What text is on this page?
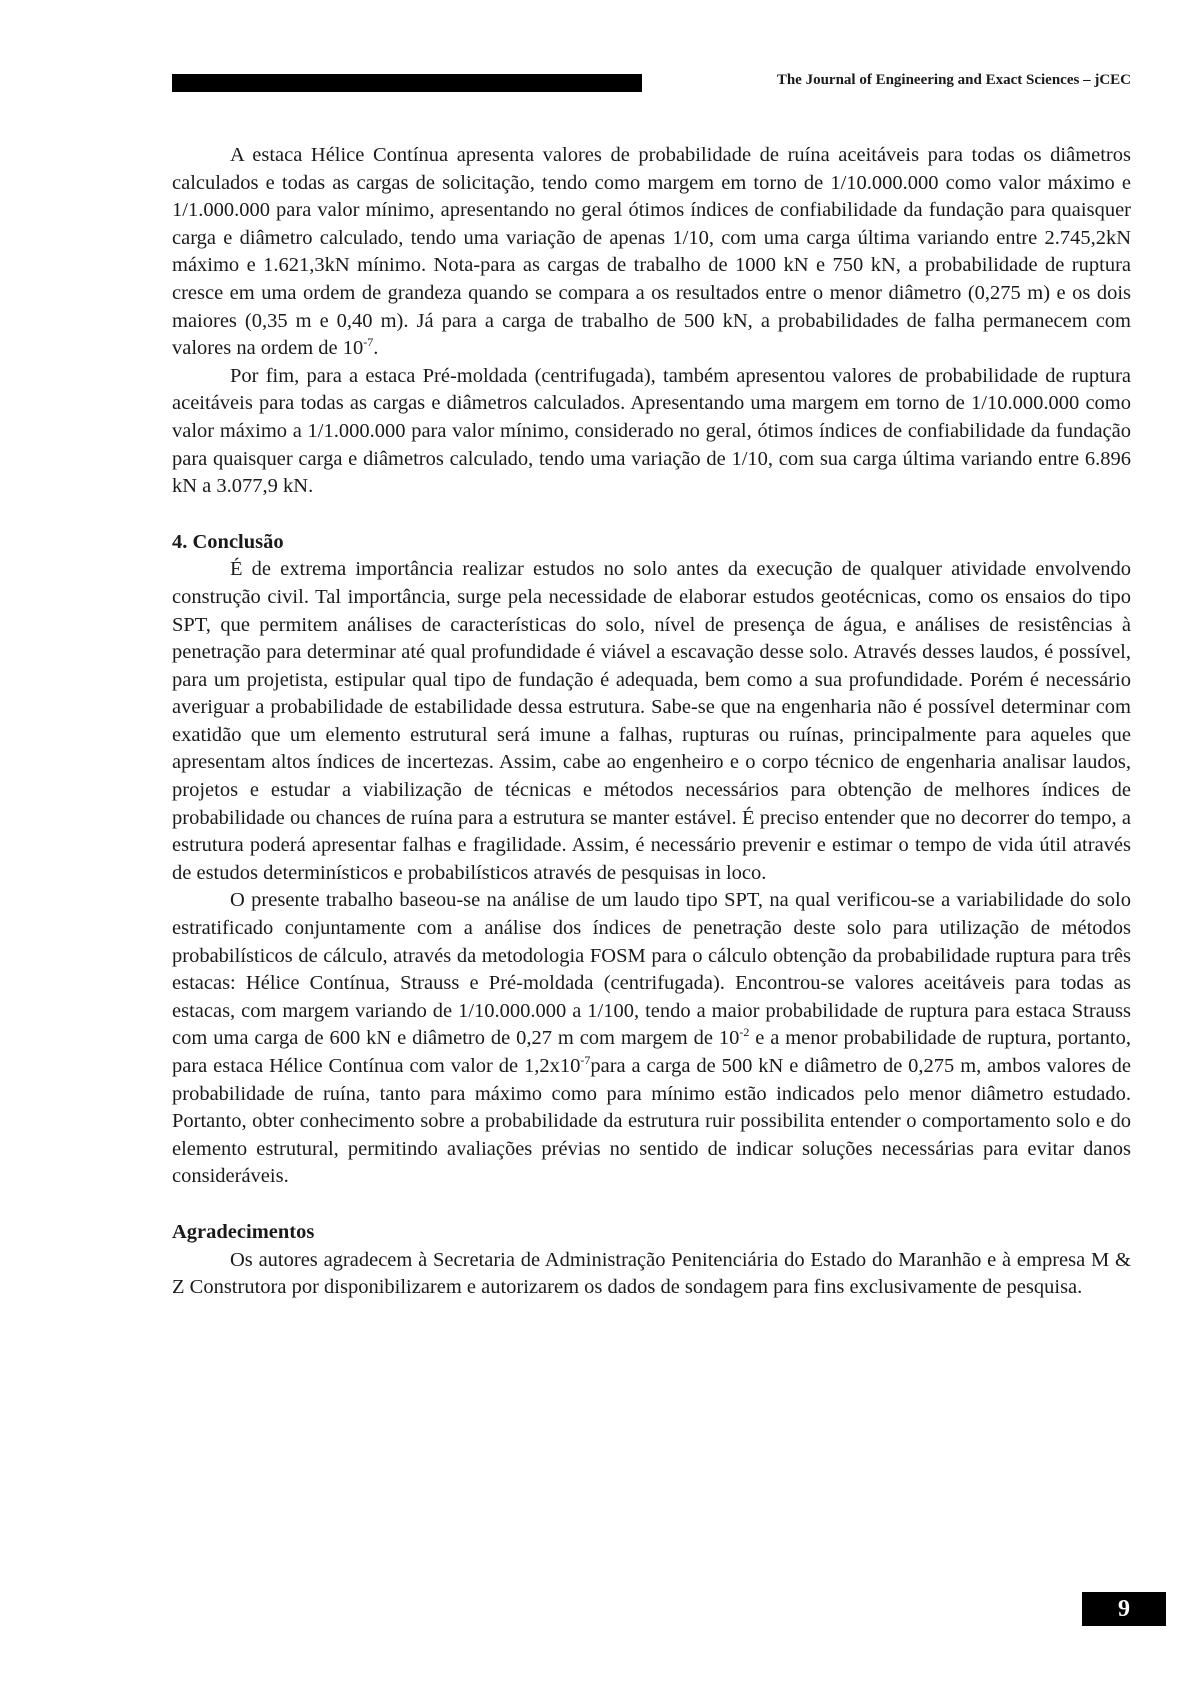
The Journal of Engineering and Exact Sciences – jCEC

A estaca Hélice Contínua apresenta valores de probabilidade de ruína aceitáveis para todas os diâmetros calculados e todas as cargas de solicitação, tendo como margem em torno de 1/10.000.000 como valor máximo e 1/1.000.000 para valor mínimo, apresentando no geral ótimos índices de confiabilidade da fundação para quaisquer carga e diâmetro calculado, tendo uma variação de apenas 1/10, com uma carga última variando entre 2.745,2kN máximo e 1.621,3kN mínimo. Nota-para as cargas de trabalho de 1000 kN e 750 kN, a probabilidade de ruptura cresce em uma ordem de grandeza quando se compara a os resultados entre o menor diâmetro (0,275 m) e os dois maiores (0,35 m e 0,40 m). Já para a carga de trabalho de 500 kN, a probabilidades de falha permanecem com valores na ordem de $10^{-7}$.

Por fim, para a estaca Pré-moldada (centrifugada), também apresentou valores de probabilidade de ruptura aceitáveis para todas as cargas e diâmetros calculados. Apresentando uma margem em torno de 1/10.000.000 como valor máximo a 1/1.000.000 para valor mínimo, considerado no geral, ótimos índices de confiabilidade da fundação para quaisquer carga e diâmetros calculado, tendo uma variação de 1/10, com sua carga última variando entre 6.896 kN a 3.077,9 kN.

4. Conclusão

É de extrema importância realizar estudos no solo antes da execução de qualquer atividade envolvendo construção civil. Tal importância, surge pela necessidade de elaborar estudos geotécnicas, como os ensaios do tipo SPT, que permitem análises de características do solo, nível de presença de água, e análises de resistências à penetração para determinar até qual profundidade é viável a escavação desse solo. Através desses laudos, é possível, para um projetista, estipular qual tipo de fundação é adequada, bem como a sua profundidade. Porém é necessário averiguar a probabilidade de estabilidade dessa estrutura. Sabe-se que na engenharia não é possível determinar com exatidão que um elemento estrutural será imune a falhas, rupturas ou ruínas, principalmente para aqueles que apresentam altos índices de incertezas. Assim, cabe ao engenheiro e o corpo técnico de engenharia analisar laudos, projetos e estudar a viabilização de técnicas e métodos necessários para obtenção de melhores índices de probabilidade ou chances de ruína para a estrutura se manter estável. É preciso entender que no decorrer do tempo, a estrutura poderá apresentar falhas e fragilidade. Assim, é necessário prevenir e estimar o tempo de vida útil através de estudos determinísticos e probabilísticos através de pesquisas in loco.

O presente trabalho baseou-se na análise de um laudo tipo SPT, na qual verificou-se a variabilidade do solo estratificado conjuntamente com a análise dos índices de penetração deste solo para utilização de métodos probabilísticos de cálculo, através da metodologia FOSM para o cálculo obtenção da probabilidade ruptura para três estacas: Hélice Contínua, Strauss e Pré-moldada (centrifugada). Encontrou-se valores aceitáveis para todas as estacas, com margem variando de 1/10.000.000 a 1/100, tendo a maior probabilidade de ruptura para estaca Strauss com uma carga de 600 kN e diâmetro de 0,27 m com margem de $10^{-2}$ e a menor probabilidade de ruptura, portanto, para estaca Hélice Contínua com valor de $1,2x10^{-7}para$ a carga de 500 kN e diâmetro de 0,275 m, ambos valores de probabilidade de ruína, tanto para máximo como para mínimo estão indicados pelo menor diâmetro estudado. Portanto, obter conhecimento sobre a probabilidade da estrutura ruir possibilita entender o comportamento solo e do elemento estrutural, permitindo avaliações prévias no sentido de indicar soluções necessárias para evitar danos consideráveis.

Agradecimentos

Os autores agradecem à Secretaria de Administração Penitenciária do Estado do Maranhão e à empresa M & Z Construtora por disponibilizarem e autorizarem os dados de sondagem para fins exclusivamente de pesquisa.

9
